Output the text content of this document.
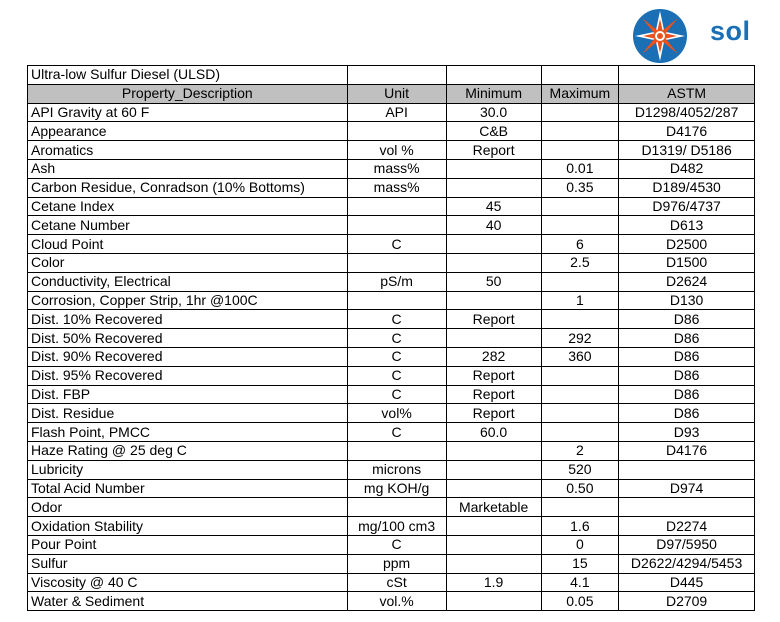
sol
Ultra-low Sulfur Diesel (ULSD)				
Property_Description	Unit	Minimum	Maximum	ASTM
API Gravity at 60 F	API	30.0		D1298/4052/287
Appearance		C&B		D4176
Aromatics	vol %	Report		D1319/ D5186
Ash	mass%		0.01	D482
Carbon Residue, Conradson (10% Bottoms)	mass%		0.35	D189/4530
Cetane Index		45		D976/4737
Cetane Number		40		D613
Cloud Point	C		6	D2500
Color			2.5	D1500
Conductivity, Electrical	pS/m	50		D2624
Corrosion, Copper Strip, 1hr @100C			1	D130
Dist. 10% Recovered	C	Report		D86
Dist. 50% Recovered	C		292	D86
Dist. 90% Recovered	C	282	360	D86
Dist. 95% Recovered	C	Report		D86
Dist. FBP	C	Report		D86
Dist. Residue	vol%	Report		D86
Flash Point, PMCC	C	60.0		D93
Haze Rating @ 25 deg C			2	D4176
Lubricity	microns		520	
Total Acid Number	mg KOH/g		0.50	D974
Odor		Marketable		
Oxidation Stability	mg/100 cm3		1.6	D2274
Pour Point	C		0	D97/5950
Sulfur	ppm		15	D2622/4294/5453
Viscosity @ 40 C	cSt	1.9	4.1	D445
Water & Sediment	vol.%		0.05	D2709
